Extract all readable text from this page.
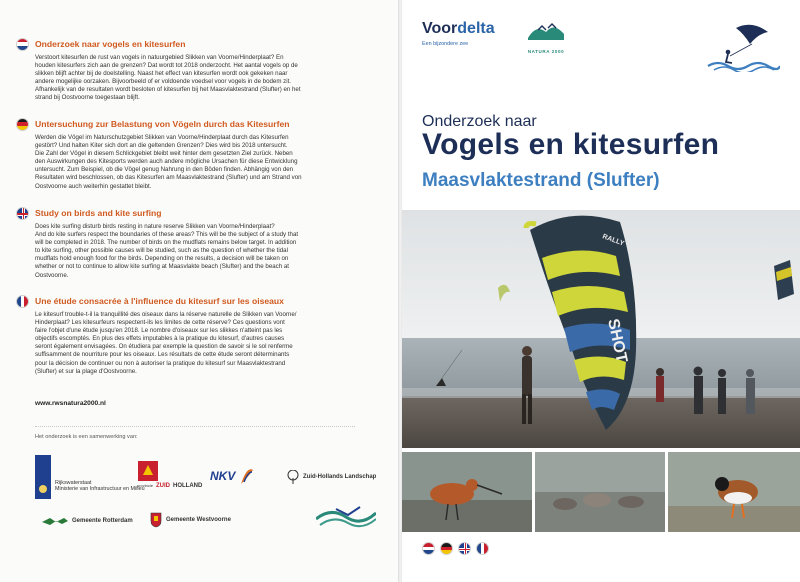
Onderzoek naar vogels en kitesurfen
Verstoort kitesurfen de rust van vogels in natuurgebied Slikken van Voorne/Hinderplaat? En
houden kitesurfers zich aan de grenzen? Dat wordt tot 2018 onderzocht. Het aantal vogels op de
slikken blijft achter bij de doelstelling. Naast het effect van kitesurfen wordt ook gekeken naar
andere mogelijke oorzaken. Bijvoorbeeld of er voldoende voedsel voor vogels in de bodem zit.
Afhankelijk van de resultaten wordt besloten of kitesurfen bij het Maasvlaktestrand (Slufter) en het
strand bij Oostvoorne toegestaan blijft.
Untersuchung zur Belastung von Vögeln durch das Kitesurfen
Werden die Vögel im Naturschutzgebiet Slikken van Voorne/Hinderplaat durch das Kitesurfen
gestört? Und halten Kiter sich dort an die geltenden Grenzen? Dies wird bis 2018 untersucht.
Die Zahl der Vögel in diesem Schlickgebiet bleibt weit hinter dem gesetzten Ziel zurück. Neben
den Auswirkungen des Kitesports werden auch andere mögliche Ursachen für diese Entwicklung
untersucht. Zum Beispiel, ob die Vögel genug Nahrung in den Böden finden. Abhängig von den
Resultaten wird beschlossen, ob das Kitesurfen am Maasvlaktestrand (Slufter) und am Strand von
Oostvoorne auch weiterhin gestattet bleibt.
Study on birds and kite surfing
Does kite surfing disturb birds resting in nature reserve Slikken van Voorne/Hinderplaat?
And do kite surfers respect the boundaries of these areas? This will be the subject of a study that
will be completed in 2018. The number of birds on the mudflats remains below target. In addition
to kite surfing, other possible causes will be studied, such as the question of whether the tidal
mudflats hold enough food for the birds. Depending on the results, a decision will be taken on
whether or not to continue to allow kite surfing at Maasvlakte beach (Slufter) and the beach at
Oostvoorne.
Une étude consacrée à l'influence du kitesurf sur les oiseaux
Le kitesurf trouble-t-il la tranquillité des oiseaux dans la réserve naturelle de Slikken van Voorne/
Hinderplaat? Les kitesurfeurs respectent-ils les limites de cette réserve? Ces questions vont
faire l'objet d'une étude jusqu'en 2018. Le nombre d'oiseaux sur les slikkes n'atteint pas les
objectifs escomptés. En plus des effets imputables à la pratique du kitesurf, d'autres causes
seront également envisagées. On étudiera par exemple la question de savoir si le sol renferme
suffisamment de nourriture pour les oiseaux. Les résultats de cette étude seront déterminants
pour la décision de continuer ou non à autoriser la pratique du kitesurf sur Maasvlaktestrand
(Slufter) et sur la plage d'Oostvoorne.
www.rwsnatura2000.nl
Het onderzoek is een samenwerking van:
Rijkswaterstaat
Ministerie van Infrastructuur en Milieu
provincie ZUID HOLLAND
NKV	Zuid-Hollands Landschap
Gemeente Rotterdam	Gemeente Westvoorne
Voordelta
Een bijzondere zee
NATURA 2000
Onderzoek naar
Vogels en kitesurfen
Maasvlaktestrand (Slufter)
RALLY
SHOT
